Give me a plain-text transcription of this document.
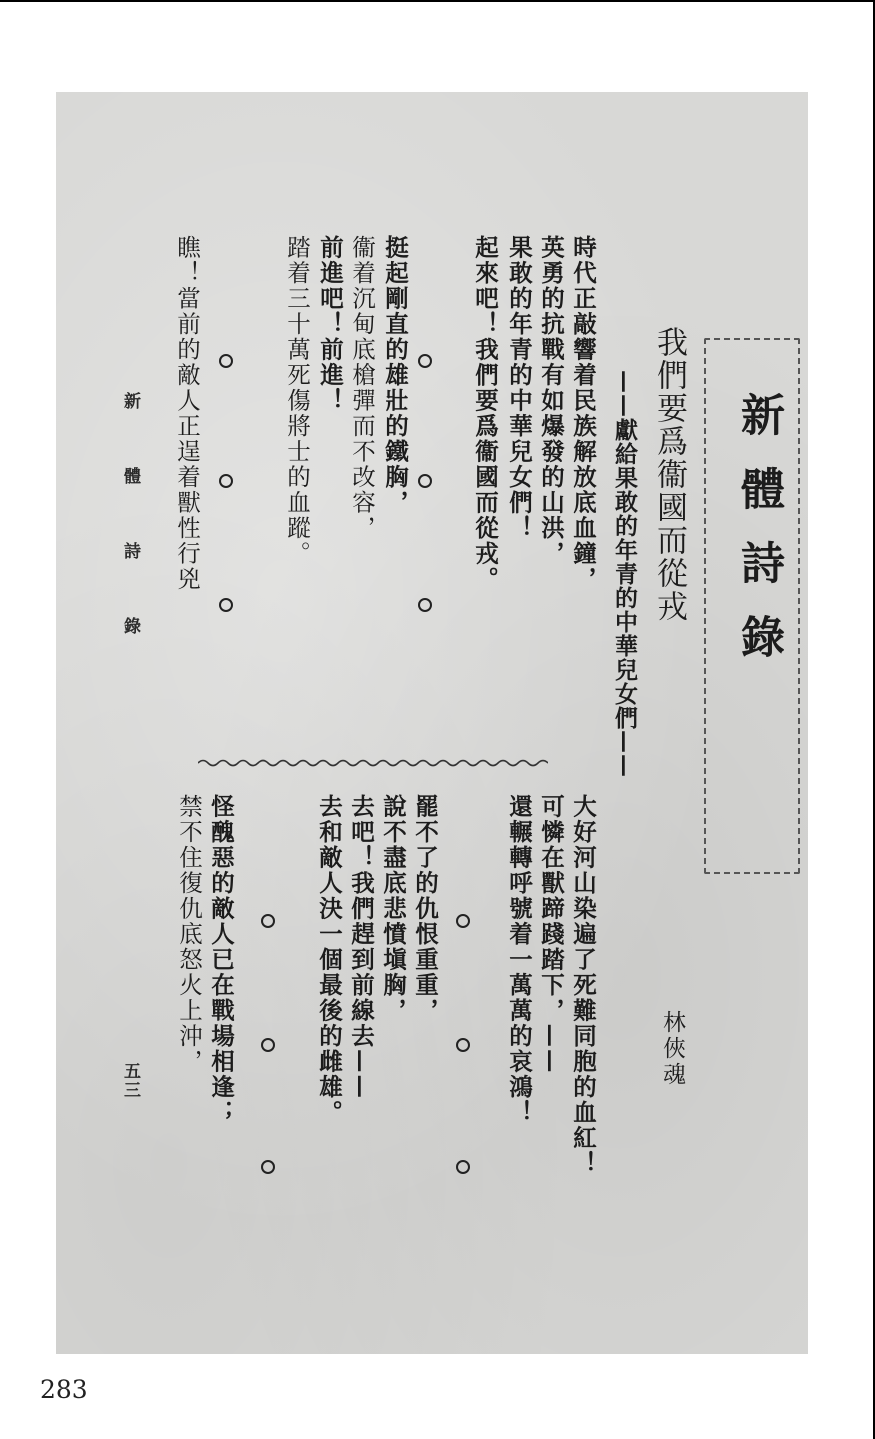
新體詩錄
林俠魂
我們要爲衞國而從戎
——獻給果敢的年青的中華兒女們——
時代正敲響着民族解放底血鐘，
英勇的抗戰有如爆發的山洪，
果敢的年青的中華兒女們！
起來吧！我們要爲衞國而從戎。
挺起剛直的雄壯的鐵胸，
衞着沉甸底槍彈而不改容，
前進吧！前進！
踏着三十萬死傷將士的血蹤。
瞧！當前的敵人正逞着獸性行兇
大好河山染遍了死難同胞的血紅！
可憐在獸蹄踐踏下，——
還輾轉呼號着一萬萬的哀鴻！
罷不了的仇恨重重，
說不盡底悲憤塡胸，
去吧！我們趕到前線去——
去和敵人決一個最後的雌雄。
怪醜惡的敵人已在戰場相逢；
禁不住復仇底怒火上沖，
新體詩錄
五三
283
